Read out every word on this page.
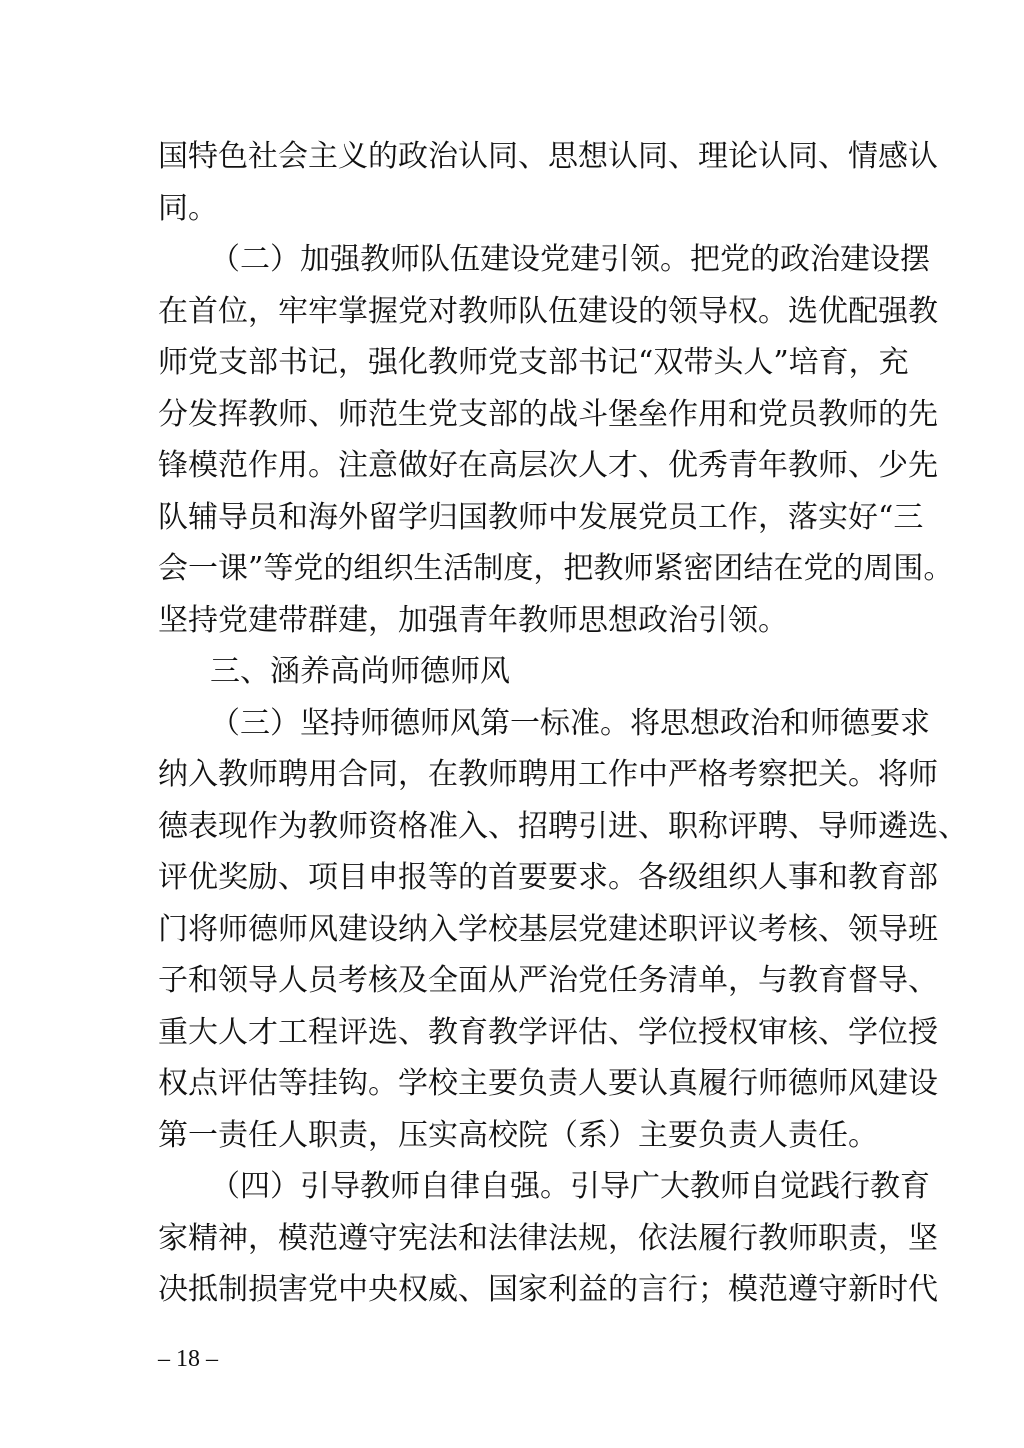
国特色社会主义的政治认同、思想认同、理论认同、情感认
同。
（二）加强教师队伍建设党建引领。把党的政治建设摆
在首位，牢牢掌握党对教师队伍建设的领导权。选优配强教
师党支部书记，强化教师党支部书记“双带头人”培育，充
分发挥教师、师范生党支部的战斗堡垒作用和党员教师的先
锋模范作用。注意做好在高层次人才、优秀青年教师、少先
队辅导员和海外留学归国教师中发展党员工作，落实好“三
会一课”等党的组织生活制度，把教师紧密团结在党的周围。
坚持党建带群建，加强青年教师思想政治引领。
三、涵养高尚师德师风
（三）坚持师德师风第一标准。将思想政治和师德要求
纳入教师聘用合同，在教师聘用工作中严格考察把关。将师
德表现作为教师资格准入、招聘引进、职称评聘、导师遴选、
评优奖励、项目申报等的首要要求。各级组织人事和教育部
门将师德师风建设纳入学校基层党建述职评议考核、领导班
子和领导人员考核及全面从严治党任务清单，与教育督导、
重大人才工程评选、教育教学评估、学位授权审核、学位授
权点评估等挂钩。学校主要负责人要认真履行师德师风建设
第一责任人职责，压实高校院（系）主要负责人责任。
（四）引导教师自律自强。引导广大教师自觉践行教育
家精神，模范遵守宪法和法律法规，依法履行教师职责，坚
决抵制损害党中央权威、国家利益的言行；模范遵守新时代
– 18 –
